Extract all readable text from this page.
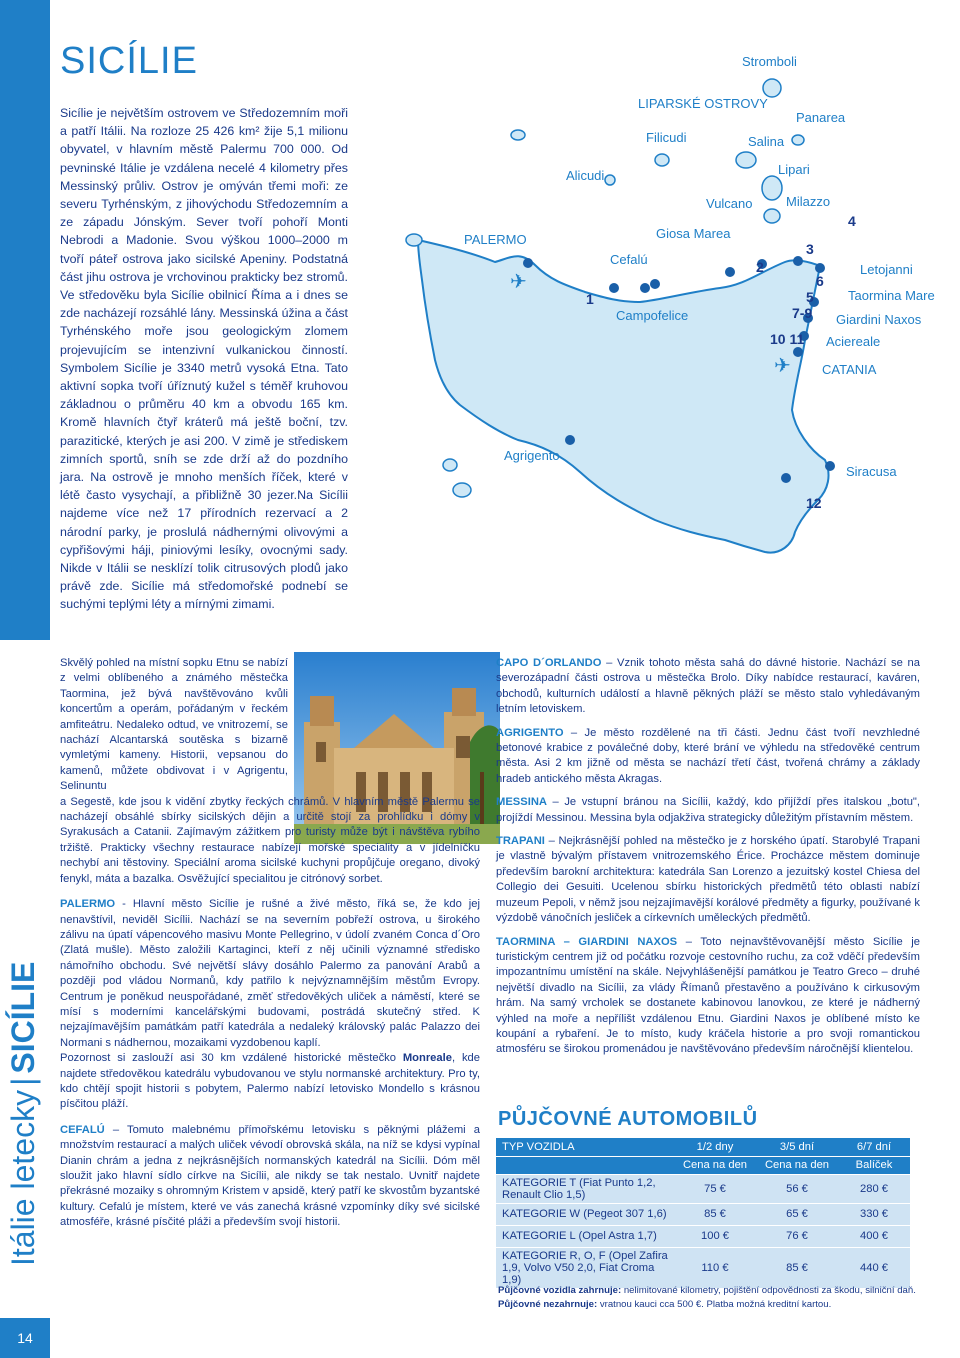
Itálie letecky|SICÍLIE
14
SICÍLIE

Sicílie je největším ostrovem ve Středozemním moři a patří Itálii. Na rozloze 25 426 km² žije 5,1 milionu obyvatel, v hlavním městě Palermu 700 000. Od pevninské Itálie je vzdálena necelé 4 kilometry přes Messinský průliv. Ostrov je omýván třemi moři: ze severu Tyrhénským, z jihovýchodu Středozemním a ze západu Jónským. Sever tvoří pohoří Monti Nebrodi a Madonie. Svou výškou 1000–2000 m tvoří páteř ostrova jako sicilské Apeniny. Podstatná část jihu ostrova je vrchovinou prakticky bez stromů. Ve středověku byla Sicílie obilnicí Říma a i dnes se zde nacházejí rozsáhlé lány. Messinská úžina a část Tyrhénského moře jsou geologickým zlomem projevujícím se intenzivní vulkanickou činností. Symbolem Sicílie je 3340 metrů vysoká Etna. Tato aktivní sopka tvoří úříznutý kužel s téměř kruhovou základnou o průměru 40 km a obvodu 165 km. Kromě hlavních čtyř kráterů má ještě boční, tzv. parazitické, kterých je asi 200. V zimě je střediskem zimních sportů, sníh se zde drží až do pozdního jara. Na ostrově je mnoho menších říček, které v létě často vysychají, a přibližně 30 jezer.Na Sicílii najdeme více než 17 přírodních rezervací a 2 národní parky, je proslulá nádhernými olivovými a cypřišovými háji, piniovými lesíky, ovocnými sady. Nikde v Itálii se nesklízí tolik citrusových plodů jako právě zde. Sicílie má středomořské podnebí se suchými teplými léty a mírnými zimami.

✈
✈
Stromboli
LIPARSKÉ OSTROVY
Panarea
Filicudi	Salina
Alicudi	Lipari
Vulcano	Milazzo
PALERMO	Giosa Marea
Cefalú
Letojanni
Taormina Mare
Campofelice	Giardini Naxos
Aciereale
CATANIA
Agrigento
Siracusa
1
2
3
4
6
5
7-9
10 11
12

Skvělý pohled na místní sopku Etnu se nabízí z velmi oblíbeného a známého městečka Taormina, jež bývá navštěvováno kvůli koncertům a operám, pořádaným v řeckém amfiteátru. Nedaleko odtud, ve vnitrozemí, se nachází Alcantarská soutěska s bizarně vymletými kameny. Historii, vepsanou do kamenů, můžete obdivovat i v Agrigentu, Selinuntu

a Segestě, kde jsou k vidění zbytky řeckých chrámů. V hlavním městě Palermu se nacházejí obsáhlé sbírky sicilských dějin a určitě stojí za prohlídku i dómy v Syrakusách a Catanii. Zajímavým zážitkem pro turisty může být i návštěva rybího tržiště. Prakticky všechny restaurace nabízejí mořské speciality a v jídelníčku nechybí ani těstoviny. Speciální aroma sicilské kuchyni propůjčuje oregano, divoký fenykl, máta a bazalka. Osvěžující specialitou je citrónový sorbet.

PALERMO - Hlavní město Sicílie je rušné a živé město, říká se, že kdo jej nenavštívil, neviděl Sicílii. Nachází se na severním pobřeží ostrova, u širokého zálivu na úpatí vápencového masivu Monte Pellegrino, v údolí zvaném Conca d´Oro (Zlatá mušle). Město založili Kartaginci, kteří z něj učinili významné středisko námořního obchodu. Své největší slávy dosáhlo Palermo za panování Arabů a později pod vládou Normanů, kdy patřilo k nejvýznamnějším městům Evropy. Centrum je poněkud neuspořádané, změť středověkých uliček a náměstí, které se mísí s moderními kancelářskými budovami, postrádá skutečný střed. K nejzajímavějším památkám patří katedrála a nedaleký královský palác Palazzo dei Normani s nádhernou, mozaikami vyzdobenou kaplí.

Pozornost si zaslouží asi 30 km vzdálené historické městečko Monreale, kde najdete středověkou katedrálu vybudovanou ve stylu normanské architektury. Pro ty, kdo chtějí spojit historii s pobytem, Palermo nabízí letovisko Mondello s krásnou písčitou pláží.

CEFALÚ – Tomuto malebnému přímořskému letovisku s pěknými plážemi a množstvím restaurací a malých uliček vévodí obrovská skála, na níž se kdysi vypínal Dianin chrám a jedna z nejkrásnějších normanských katedrál na Sicílii. Dóm měl sloužit jako hlavní sídlo církve na Sicílii, ale nikdy se tak nestalo. Uvnitř najdete překrásné mozaiky s ohromným Kristem v apsidě, který patří ke skvostům byzantské kultury. Cefalú je místem, které ve vás zanechá krásné vzpomínky díky své sicilské atmosféře, krásné písčité pláži a především svojí historii.

CAPO D´ORLANDO – Vznik tohoto města sahá do dávné historie. Nachází se na severozápadní části ostrova u městečka Brolo. Díky nabídce restaurací, kaváren, obchodů, kulturních událostí a hlavně pěkných pláží se město stalo vyhledávaným letním letoviskem.

AGRIGENTO – Je město rozdělené na tři části. Jednu část tvoří nevzhledné betonové krabice z poválečné doby, které brání ve výhledu na středověké centrum města. Asi 2 km jižně od města se nachází třetí část, tvořená chrámy a základy hradeb antického města Akragas.

MESSINA – Je vstupní bránou na Sicílii, každý, kdo přijíždí přes italskou „botu", projíždí Messinou. Messina byla odjakživa strategicky důležitým přístavním městem.

TRAPANI – Nejkrásnější pohled na městečko je z horského úpatí. Starobylé Trapani je vlastně bývalým přístavem vnitrozemského Érice. Procházce městem dominuje především barokní architektura: katedrála San Lorenzo a jezuitský kostel Chiesa del Collegio dei Gesuiti. Ucelenou sbírku historických předmětů této oblasti nabízí muzeum Pepoli, v němž jsou nejzajímavější korálové předměty a figurky, používané k výzdobě vánočních jesliček a církevních uměleckých předmětů.

TAORMINA – GIARDINI NAXOS – Toto nejnavštěvovanější město Sicílie je turistickým centrem již od počátku rozvoje cestovního ruchu, za což vděčí především impozantnímu umístění na skále. Nejvyhlášenější památkou je Teatro Greco – druhé největší divadlo na Sicílii, za vlády Římanů přestavěno a používáno k cirkusovým hrám. Na samý vrcholek se dostanete kabinovou lanovkou, ze které je nádherný výhled na moře a nepřílišt vzdálenou Etnu. Giardini Naxos je oblíbené místo ke koupání a rybaření. Je to místo, kudy kráčela historie a pro svoji romantickou atmosféru se širokou promenádou je navštěvováno především náročnější klientelou.

PŮJČOVNÉ AUTOMOBILŮ
TYP VOZIDLA	1/2 dny	3/5 dní	6/7 dní
	Cena na den	Cena na den	Balíček
KATEGORIE T (Fiat Punto 1,2, Renault Clio 1,5)	75 €	56 €	280 €
KATEGORIE W (Pegeot 307 1,6)	85 €	65 €	330 €
KATEGORIE L (Opel Astra 1,7)	100 €	76 €	400 €
KATEGORIE R, O, F (Opel Zafira 1,9, Volvo V50 2,0, Fiat Croma 1,9)	110 €	85 €	440 €
Půjčovné vozidla zahrnuje: nelimitované kilometry, pojištění odpovědnosti za škodu, silniční daň.
Půjčovné nezahrnuje: vratnou kauci cca 500 €. Platba možná kreditní kartou.
